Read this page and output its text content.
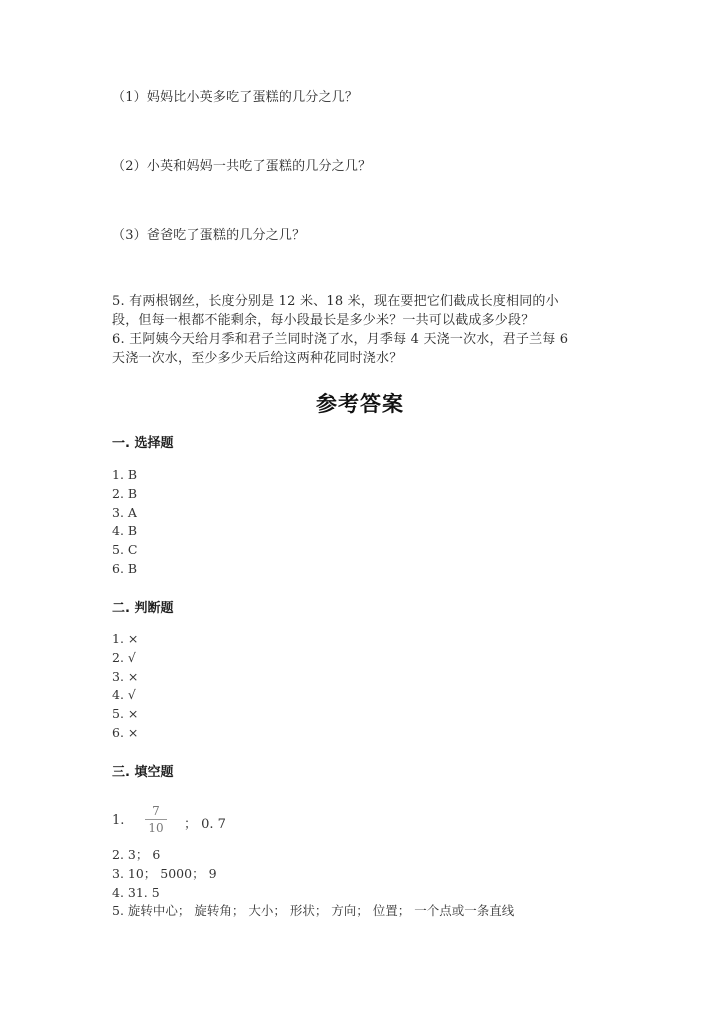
（1）妈妈比小英多吃了蛋糕的几分之几？
（2）小英和妈妈一共吃了蛋糕的几分之几？
（3）爸爸吃了蛋糕的几分之几？
5. 有两根钢丝，长度分别是 12 米、18 米，现在要把它们截成长度相同的小
段，但每一根都不能剩余，每小段最长是多少米？一共可以截成多少段？
6. 王阿姨今天给月季和君子兰同时浇了水，月季每 4 天浇一次水，君子兰每 6
天浇一次水，至少多少天后给这两种花同时浇水？
参考答案
一. 选择题
1. B
2. B
3. A
4. B
5. C
6. B
二. 判断题
1. ×
2. √
3. ×
4. √
5. ×
6. ×
三. 填空题
1.
7
10 ； 0. 7
2. 3； 6
3. 10； 5000； 9
4. 31. 5
5. 旋转中心； 旋转角； 大小； 形状； 方向； 位置； 一个点或一条直线
